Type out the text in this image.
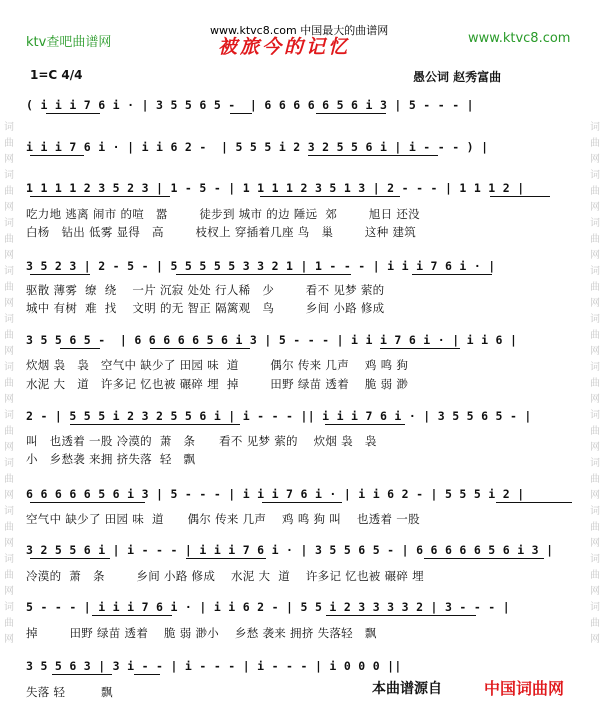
词曲网词曲网词曲网词曲网词曲网词曲网词曲网词曲网词曲网词曲网词曲网
词曲网词曲网词曲网词曲网词曲网词曲网词曲网词曲网词曲网词曲网词曲网
ktv查吧曲谱网
www.ktvc8.com 中国最大的曲谱网
www.ktvc8.com
被旅今的记忆
1=C 4/4	愚公词 赵秀富曲
( i i i 7 6 i · | 3 5 5 6 5 -  | 6 6 6 6 6 5 6 i 3 | 5 - - - |
i i i 7 6 i · | i i 6 2 -  | 5 5 5 i 2 3 2 5 5 6 i | i - - - ) |
1 1 1 1 2 3 5 2 3 | 1 - 5 - | 1 1 1 1 2 3 5 1 3 | 2 - - - | 1 1 1 2 |
吃力地 逃离 闹市 的喧   嚣        徒步到 城市 的边 陲远  郊        旭日 还没
白杨   钻出 低雾 显得   高        枝杈上 穿插着几座 鸟   巢        这种 建筑
3 5 2 3 | 2 - 5 - | 5 5 5 5 5 3 3 2 1 | 1 - - - | i i i 7 6 i · |
驱散 薄雾  缭  绕    一片 沉寂 处处 行人稀   少        看不 见梦 萦的
城中 有树  难  找    文明 的无 智正 隔篱观   鸟        乡间 小路 修成
3 5 5 6 5 -  | 6 6 6 6 6 5 6 i 3 | 5 - - - | i i i 7 6 i · | i i 6 |
炊烟 袅   袅   空气中 缺少了 田园 味  道        偶尔 传来 几声    鸡 鸣 狗
水泥 大   道   许多记 忆也被 碾碎 埋  掉        田野 绿苗 透着    脆 弱 渺
2 - | 5 5 5 i 2 3 2 5 5 6 i | i - - - || i i i 7 6 i · | 3 5 5 6 5 - |
叫   也透着 一股 冷漠的  萧   条      看不 见梦 萦的    炊烟 袅   袅
小   乡愁袭 来拥 挤失落  轻   飘
6 6 6 6 6 5 6 i 3 | 5 - - - | i i i 7 6 i · | i i 6 2 - | 5 5 5 i 2 |
空气中 缺少了 田园 味  道      偶尔 传来 几声    鸡 鸣 狗 叫    也透着 一股
3 2 5 5 6 i | i - - - | i i i 7 6 i · | 3 5 5 6 5 - | 6 6 6 6 6 5 6 i 3 |
冷漠的  萧   条        乡间 小路 修成    水泥 大  道    许多记 忆也被 碾碎 埋
5 - - - | i i i 7 6 i · | i i 6 2 - | 5 5 i 2 3 3 3 3 2 | 3 - - - |
掉        田野 绿苗 透着    脆 弱 渺小    乡愁 袭来 拥挤 失落轻   飘
3 5 5 6 3 | 3 i - - | i - - - | i - - - | i 0 0 0 ||
失落 轻         飘	本曲谱源自	中国词曲网
